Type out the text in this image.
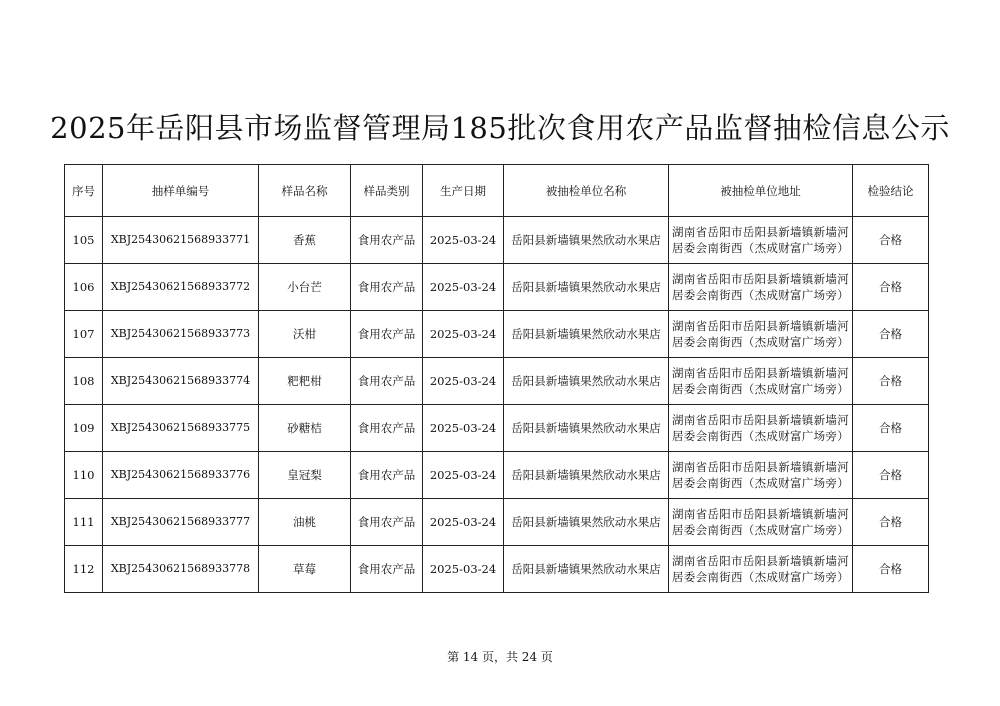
2025年岳阳县市场监督管理局185批次食用农产品监督抽检信息公示
序号	抽样单编号	样品名称	样品类别	生产日期	被抽检单位名称	被抽检单位地址	检验结论
105	XBJ25430621568933771	香蕉	食用农产品	2025-03-24	岳阳县新墙镇果然欣动水果店	湖南省岳阳市岳阳县新墙镇新墙河居委会南街西（杰成财富广场旁）	合格
106	XBJ25430621568933772	小台芒	食用农产品	2025-03-24	岳阳县新墙镇果然欣动水果店	湖南省岳阳市岳阳县新墙镇新墙河居委会南街西（杰成财富广场旁）	合格
107	XBJ25430621568933773	沃柑	食用农产品	2025-03-24	岳阳县新墙镇果然欣动水果店	湖南省岳阳市岳阳县新墙镇新墙河居委会南街西（杰成财富广场旁）	合格
108	XBJ25430621568933774	粑粑柑	食用农产品	2025-03-24	岳阳县新墙镇果然欣动水果店	湖南省岳阳市岳阳县新墙镇新墙河居委会南街西（杰成财富广场旁）	合格
109	XBJ25430621568933775	砂糖桔	食用农产品	2025-03-24	岳阳县新墙镇果然欣动水果店	湖南省岳阳市岳阳县新墙镇新墙河居委会南街西（杰成财富广场旁）	合格
110	XBJ25430621568933776	皇冠梨	食用农产品	2025-03-24	岳阳县新墙镇果然欣动水果店	湖南省岳阳市岳阳县新墙镇新墙河居委会南街西（杰成财富广场旁）	合格
111	XBJ25430621568933777	油桃	食用农产品	2025-03-24	岳阳县新墙镇果然欣动水果店	湖南省岳阳市岳阳县新墙镇新墙河居委会南街西（杰成财富广场旁）	合格
112	XBJ25430621568933778	草莓	食用农产品	2025-03-24	岳阳县新墙镇果然欣动水果店	湖南省岳阳市岳阳县新墙镇新墙河居委会南街西（杰成财富广场旁）	合格
第 14 页，共 24 页
